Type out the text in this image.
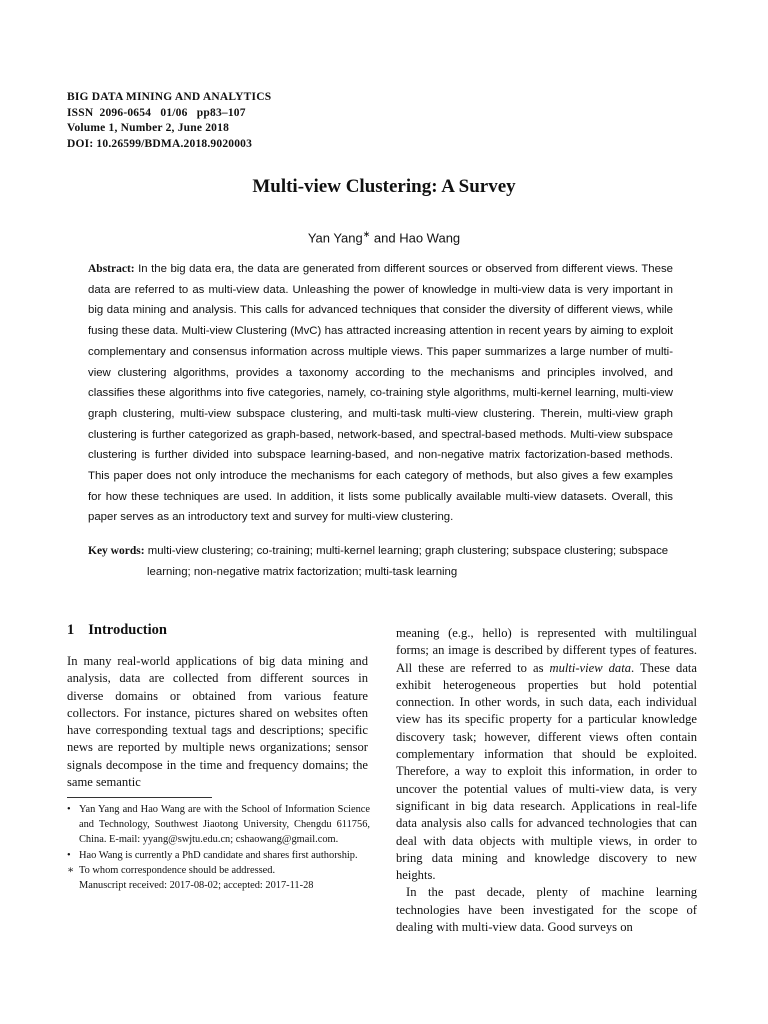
BIG DATA MINING AND ANALYTICS
ISSN  2096-0654   01/06   pp83–107
Volume 1, Number 2, June 2018
DOI: 10.26599/BDMA.2018.9020003
Multi-view Clustering: A Survey
Yan Yang∗ and Hao Wang
Abstract: In the big data era, the data are generated from different sources or observed from different views. These data are referred to as multi-view data. Unleashing the power of knowledge in multi-view data is very important in big data mining and analysis. This calls for advanced techniques that consider the diversity of different views, while fusing these data. Multi-view Clustering (MvC) has attracted increasing attention in recent years by aiming to exploit complementary and consensus information across multiple views. This paper summarizes a large number of multi-view clustering algorithms, provides a taxonomy according to the mechanisms and principles involved, and classifies these algorithms into five categories, namely, co-training style algorithms, multi-kernel learning, multi-view graph clustering, multi-view subspace clustering, and multi-task multi-view clustering. Therein, multi-view graph clustering is further categorized as graph-based, network-based, and spectral-based methods. Multi-view subspace clustering is further divided into subspace learning-based, and non-negative matrix factorization-based methods. This paper does not only introduce the mechanisms for each category of methods, but also gives a few examples for how these techniques are used. In addition, it lists some publically available multi-view datasets. Overall, this paper serves as an introductory text and survey for multi-view clustering.
Key words: multi-view clustering; co-training; multi-kernel learning; graph clustering; subspace clustering; subspace learning; non-negative matrix factorization; multi-task learning
1 Introduction

In many real-world applications of big data mining and analysis, data are collected from different sources in diverse domains or obtained from various feature collectors. For instance, pictures shared on websites often have corresponding textual tags and descriptions; specific news are reported by multiple news organizations; sensor signals decompose in the time and frequency domains; the same semantic

• Yan Yang and Hao Wang are with the School of Information Science and Technology, Southwest Jiaotong University, Chengdu 611756, China. E-mail: yyang@swjtu.edu.cn; cshaowang@gmail.com.
• Hao Wang is currently a PhD candidate and shares first authorship.
∗ To whom correspondence should be addressed.
Manuscript received: 2017-08-02; accepted: 2017-11-28

meaning (e.g., hello) is represented with multilingual forms; an image is described by different types of features. All these are referred to as multi-view data. These data exhibit heterogeneous properties but hold potential connection. In other words, in such data, each individual view has its specific property for a particular knowledge discovery task; however, different views often contain complementary information that should be exploited. Therefore, a way to exploit this information, in order to uncover the potential values of multi-view data, is very significant in big data research. Applications in real-life data analysis also calls for advanced technologies that can deal with data objects with multiple views, in order to bring data mining and knowledge discovery to new heights.

In the past decade, plenty of machine learning technologies have been investigated for the scope of dealing with multi-view data. Good surveys on
